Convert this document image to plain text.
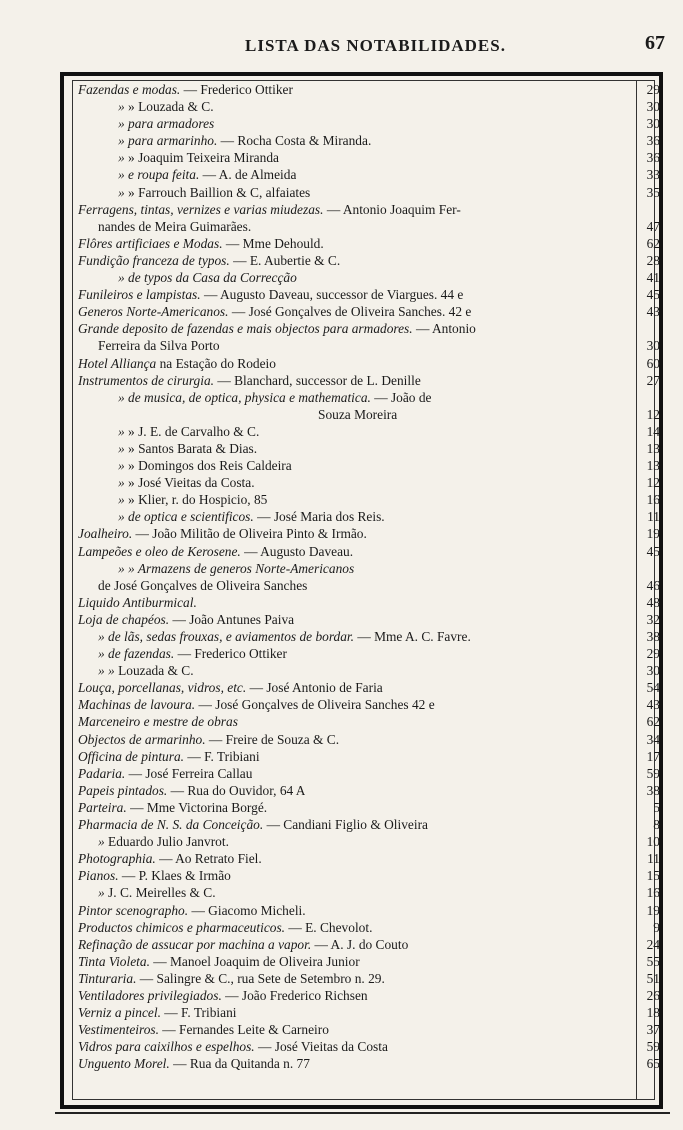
LISTA DAS NOTABILIDADES.	67
Fazendas e modas. — Frederico Ottiker	29
» » Louzada & C.	30
» para armadores	30
» para armarinho. — Rocha Costa & Miranda.	36
» » Joaquim Teixeira Miranda	36
» e roupa feita. — A. de Almeida	33
» » Farrouch Baillion & C, alfaiates	35
Ferragens, tintas, vernizes e varias miudezas. — Antonio Joaquim Fer-
nandes de Meira Guimarães.	47
Flôres artificiaes e Modas. — Mme Dehould.	62
Fundição franceza de typos. — E. Aubertie & C.	28
» de typos da Casa da Correcção	41
Funileiros e lampistas. — Augusto Daveau, successor de Viargues. 44 e	45
Generos Norte-Americanos. — José Gonçalves de Oliveira Sanches. 42 e	43
Grande deposito de fazendas e mais objectos para armadores. — Antonio
Ferreira da Silva Porto	30
Hotel Alliança na Estação do Rodeio	60
Instrumentos de cirurgia. — Blanchard, successor de L. Denille	27
» de musica, de optica, physica e mathematica. — João de
Souza Moreira	12
» » J. E. de Carvalho & C.	14
» » Santos Barata & Dias.	13
» » Domingos dos Reis Caldeira	13
» » José Vieitas da Costa.	12
» » Klier, r. do Hospicio, 85	16
» de optica e scientificos. — José Maria dos Reis.	11
Joalheiro. — João Militão de Oliveira Pinto & Irmão.	19
Lampeões e oleo de Kerosene. — Augusto Daveau.	45
» » Armazens de generos Norte-Americanos
de José Gonçalves de Oliveira Sanches	46
Liquido Antiburmical.	48
Loja de chapéos. — João Antunes Paiva	32
» de lãs, sedas frouxas, e aviamentos de bordar. — Mme A. C. Favre.	38
» de fazendas. — Frederico Ottiker	29
» » Louzada & C.	30
Louça, porcellanas, vidros, etc. — José Antonio de Faria	54
Machinas de lavoura. — José Gonçalves de Oliveira Sanches 42 e	43
Marceneiro e mestre de obras	62
Objectos de armarinho. — Freire de Souza & C.	34
Officina de pintura. — F. Tribiani	17
Padaria. — José Ferreira Callau	59
Papeis pintados. — Rua do Ouvidor, 64 A	38
Parteira. — Mme Victorina Borgé.	5
Pharmacia de N. S. da Conceição. — Candiani Figlio & Oliveira	8
» Eduardo Julio Janvrot.	10
Photographia. — Ao Retrato Fiel.	11
Pianos. — P. Klaes & Irmão	15
» J. C. Meirelles & C.	16
Pintor scenographo. — Giacomo Micheli.	19
Productos chimicos e pharmaceuticos. — E. Chevolot.	9
Refinação de assucar por machina a vapor. — A. J. do Couto	24
Tinta Violeta. — Manoel Joaquim de Oliveira Junior	55
Tinturaria. — Salingre & C., rua Sete de Setembro n. 29.	51
Ventiladores privilegiados. — João Frederico Richsen	26
Verniz a pincel. — F. Tribiani	18
Vestimenteiros. — Fernandes Leite & Carneiro	37
Vidros para caixilhos e espelhos. — José Vieitas da Costa	59
Unguento Morel. — Rua da Quitanda n. 77	65
